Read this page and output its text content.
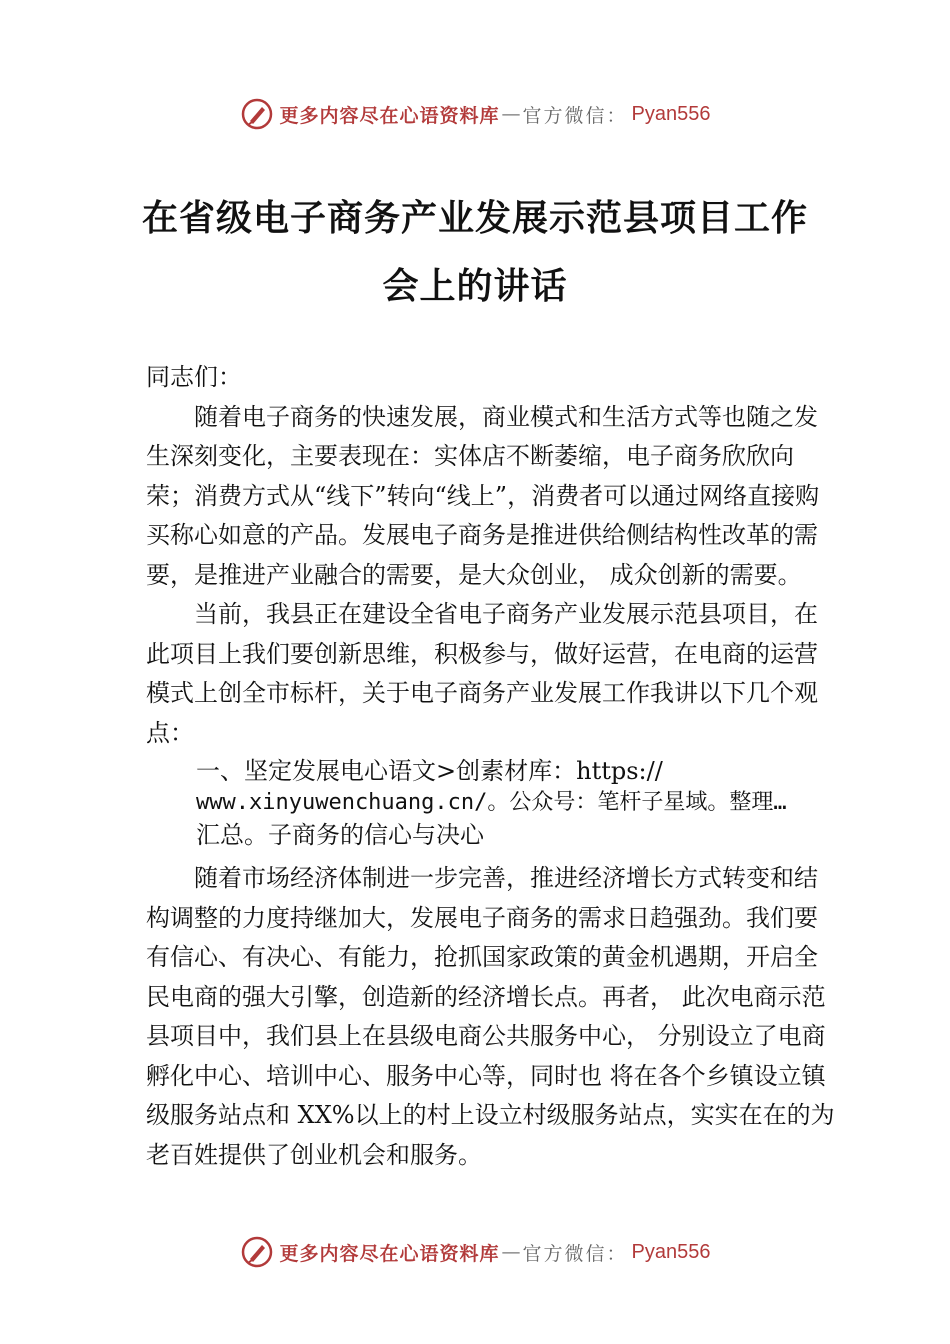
更多内容尽在心语资料库 — 官方微信： Pyan556
在省级电子商务产业发展示范县项目工作
会上的讲话

同志们：

随着电子商务的快速发展，商业模式和生活方式等也随之发生深刻变化，主要表现在：实体店不断萎缩，电子商务欣欣向荣；消费方式从“线下”转向“线上”，消费者可以通过网络直接购买称心如意的产品。发展电子商务是推进供给侧结构性改革的需要，是推进产业融合的需要，是大众创业， 成众创新的需要。

当前，我县正在建设全省电子商务产业发展示范县项目，在此项目上我们要创新思维，积极参与，做好运营，在电商的运营模式上创全市标杆，关于电子商务产业发展工作我讲以下几个观点：

一、坚定发展电心语文>创素材库：https://
www.xinyuwenchuang.cn/。公众号：笔杆子星域。整理…
汇总。子商务的信心与决心

随着市场经济体制进一步完善，推进经济增长方式转变和结构调整的力度持继加大，发展电子商务的需求日趋强劲。我们要有信心、有决心、有能力，抢抓国家政策的黄金机遇期，开启全民电商的强大引擎，创造新的经济增长点。再者， 此次电商示范县项目中，我们县上在县级电商公共服务中心， 分别设立了电商孵化中心、培训中心、服务中心等，同时也 将在各个乡镇设立镇级服务站点和 XX%以上的村上设立村级服务站点，实实在在的为老百姓提供了创业机会和服务。

更多内容尽在心语资料库 — 官方微信： Pyan556
